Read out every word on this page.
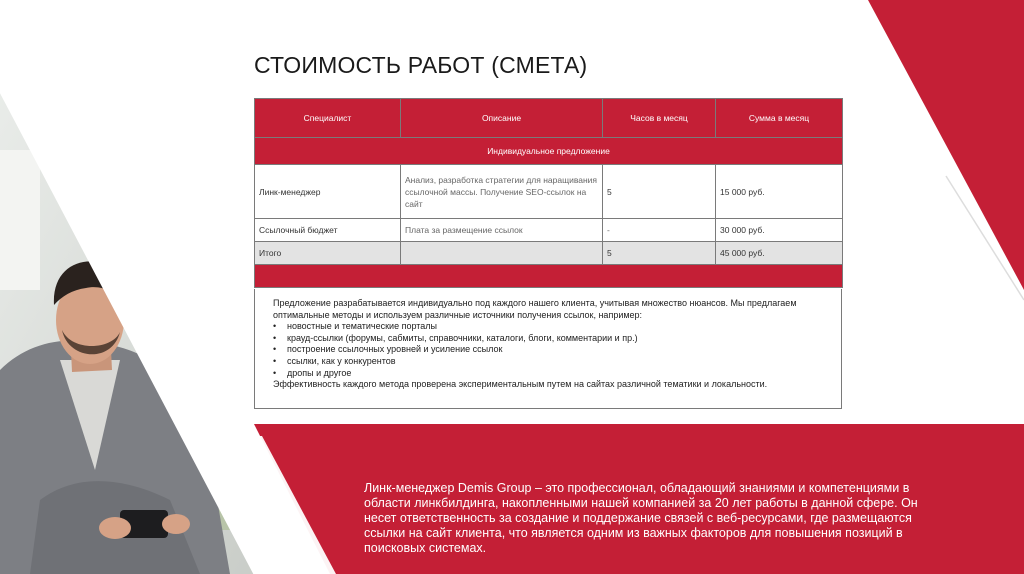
СТОИМОСТЬ РАБОТ (СМЕТА)
Специалист	Описание	Часов в месяц	Сумма в месяц
Индивидуальное предложение			
Линк-менеджер	Анализ, разработка стратегии для наращивания ссылочной массы. Получение SEO-ссылок на сайт	5	15 000 руб.
Ссылочный бюджет	Плата за размещение ссылок	-	30 000 руб.
Итого		5	45 000 руб.

Предложение разрабатывается индивидуально под каждого нашего клиента, учитывая множество нюансов. Мы предлагаем оптимальные методы и используем различные источники получения ссылок, например:

• новостные и тематические порталы
• крауд-ссылки (форумы, сабмиты, справочники, каталоги, блоги, комментарии и пр.)
• построение ссылочных уровней и усиление ссылок
• ссылки, как у конкурентов
• дропы и другое

Эффективность каждого метода проверена экспериментальным путем на сайтах различной тематики и локальности.

Линк-менеджер Demis Group – это профессионал, обладающий знаниями и компетенциями в области линкбилдинга, накопленными нашей компанией за 20 лет работы в данной сфере. Он несет ответственность за создание и поддержание связей с веб-ресурсами, где размещаются ссылки на сайт клиента, что является одним из важных факторов для повышения позиций в поисковых системах.
